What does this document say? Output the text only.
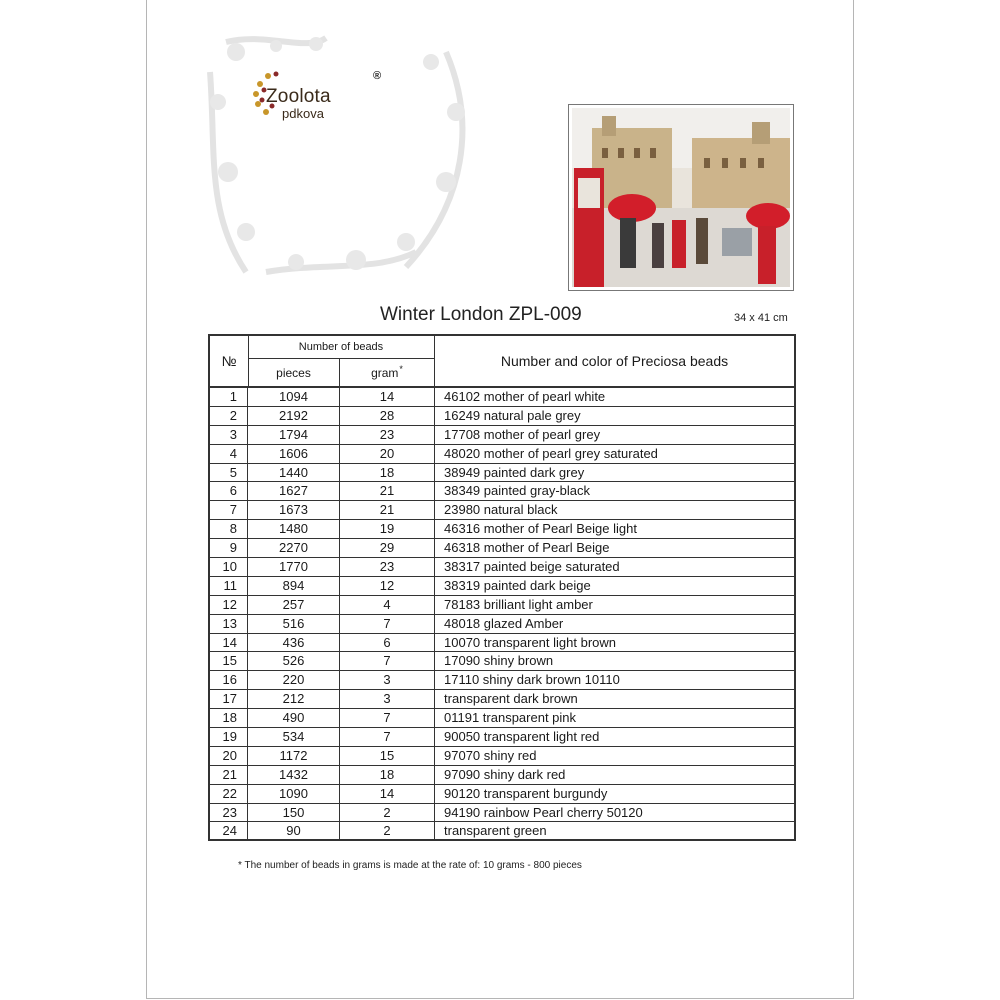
Zoolota
pdkova
®
Winter London ZPL-009	34 x 41 cm
№
Number of beads
pieces	gram*	Number and color of Preciosa beads
1	1094	14	46102 mother of pearl white
2	2192	28	16249 natural pale grey
3	1794	23	17708 mother of pearl grey
4	1606	20	48020 mother of pearl grey saturated
5	1440	18	38949 painted dark grey
6	1627	21	38349 painted gray-black
7	1673	21	23980 natural black
8	1480	19	46316 mother of Pearl Beige light
9	2270	29	46318 mother of Pearl Beige
10	1770	23	38317 painted beige saturated
11	894	12	38319 painted dark beige
12	257	4	78183 brilliant light amber
13	516	7	48018 glazed Amber
14	436	6	10070 transparent light brown
15	526	7	17090 shiny brown
16	220	3	17110 shiny dark brown 10110
17	212	3	transparent dark brown
18	490	7	01191 transparent pink
19	534	7	90050 transparent light red
20	1172	15	97070 shiny red
21	1432	18	97090 shiny dark red
22	1090	14	90120 transparent burgundy
23	150	2	94190 rainbow Pearl cherry 50120
24	90	2	transparent green
* The number of beads in grams is made at the rate of: 10 grams - 800 pieces
